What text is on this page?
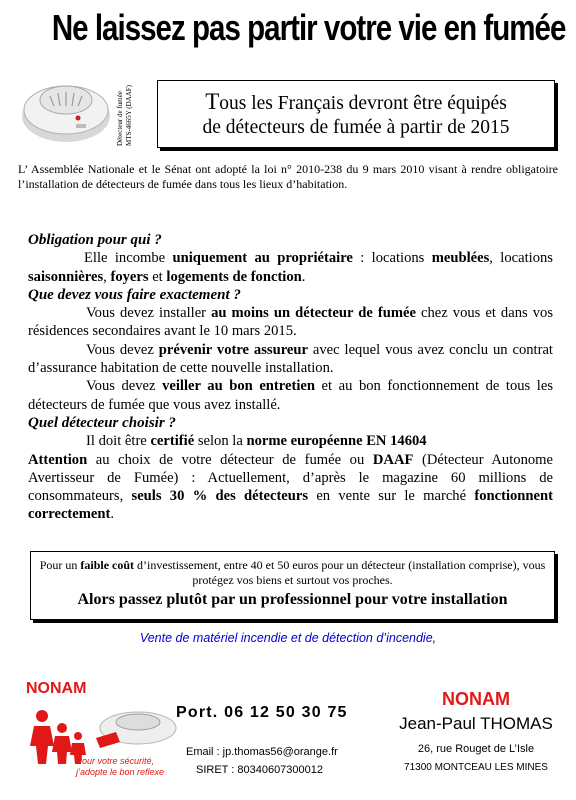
Ne laissez pas partir votre vie en fumée
Détecteur de fumée MTS-4665Y (DAAF)	Tous les Français devront être équipés
de détecteurs de fumée à partir de 2015
L’ Assemblée Nationale et le Sénat ont adopté la loi n° 2010-238 du 9 mars 2010 visant à rendre obligatoire l’installation de détecteurs de fumée dans tous les lieux d’habitation.

Obligation pour qui ?

Elle incombe uniquement au propriétaire : locations meublées, locations saisonnières, foyers et logements de fonction.

Que devez vous faire exactement ?

Vous devez installer au moins un détecteur de fumée chez vous et dans vos résidences secondaires avant le 10 mars 2015.

Vous devez prévenir votre assureur avec lequel vous avez conclu un contrat d’assurance habitation de cette nouvelle installation.

Vous devez veiller au bon entretien et au bon fonctionnement de tous les détecteurs de fumée que vous avez installé.

Quel détecteur choisir ?

Il doit être certifié selon la norme européenne EN 14604

Attention au choix de votre détecteur de fumée ou DAAF (Détecteur Autonome Avertisseur de Fumée) : Actuellement, d’après le magazine 60 millions de consommateurs, seuls 30 % des détecteurs en vente sur le marché fonctionnent correctement.

Pour un faible coût d’investissement, entre 40 et 50 euros pour un détecteur (installation comprise), vous protégez vos biens et surtout vos proches.
Alors passez plutôt par un professionnel pour votre installation
Vente de matériel incendie et de détection d’incendie,
NONAM
Pour votre sécurité,
j’adopte le bon reflexe
Port. 06 12 50 30 75
Email : jp.thomas56@orange.fr
SIRET : 80340607300012
NONAM
Jean-Paul THOMAS
26, rue Rouget de L’Isle
71300 MONTCEAU LES MINES
